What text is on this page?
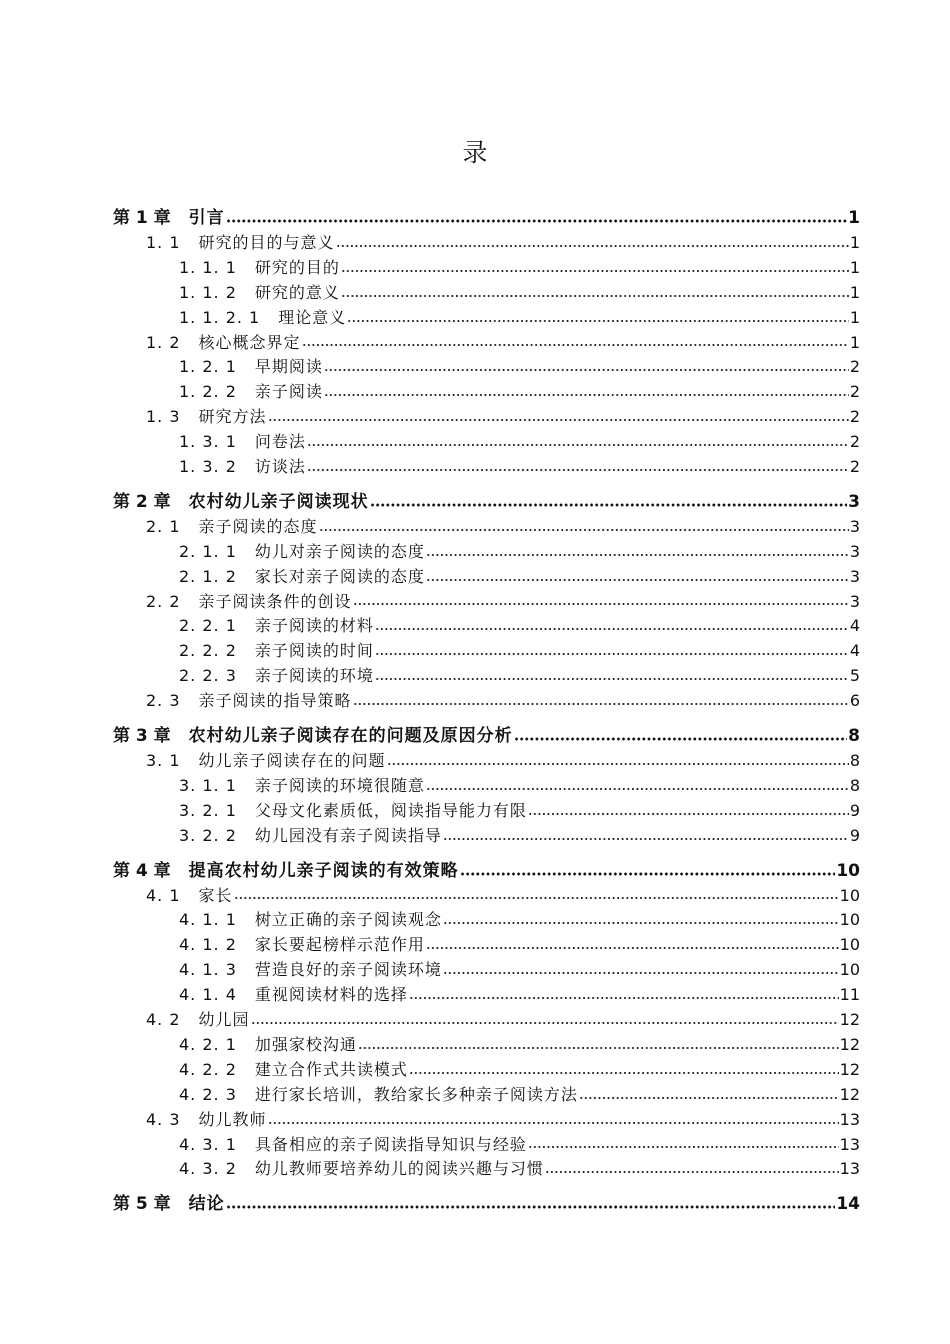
录
第 1 章 引言	1
1. 1 研究的目的与意义	1
1. 1. 1 研究的目的	1
1. 1. 2 研究的意义	1
1. 1. 2. 1 理论意义	1
1. 2 核心概念界定	1
1. 2. 1 早期阅读	2
1. 2. 2 亲子阅读	2
1. 3 研究方法	2
1. 3. 1 问卷法	2
1. 3. 2 访谈法	2
第 2 章 农村幼儿亲子阅读现状	3
2. 1 亲子阅读的态度	3
2. 1. 1 幼儿对亲子阅读的态度	3
2. 1. 2 家长对亲子阅读的态度	3
2. 2 亲子阅读条件的创设	3
2. 2. 1 亲子阅读的材料	4
2. 2. 2 亲子阅读的时间	4
2. 2. 3 亲子阅读的环境	5
2. 3 亲子阅读的指导策略	6
第 3 章 农村幼儿亲子阅读存在的问题及原因分析	8
3. 1 幼儿亲子阅读存在的问题	8
3. 1. 1 亲子阅读的环境很随意	8
3. 2. 1 父母文化素质低，阅读指导能力有限	9
3. 2. 2 幼儿园没有亲子阅读指导	9
第 4 章 提高农村幼儿亲子阅读的有效策略	10
4. 1 家长	10
4. 1. 1 树立正确的亲子阅读观念	10
4. 1. 2 家长要起榜样示范作用	10
4. 1. 3 营造良好的亲子阅读环境	10
4. 1. 4 重视阅读材料的选择	11
4. 2 幼儿园	12
4. 2. 1 加强家校沟通	12
4. 2. 2 建立合作式共读模式	12
4. 2. 3 进行家长培训，教给家长多种亲子阅读方法	12
4. 3 幼儿教师	13
4. 3. 1 具备相应的亲子阅读指导知识与经验	13
4. 3. 2 幼儿教师要培养幼儿的阅读兴趣与习惯	13
第 5 章 结论	14
